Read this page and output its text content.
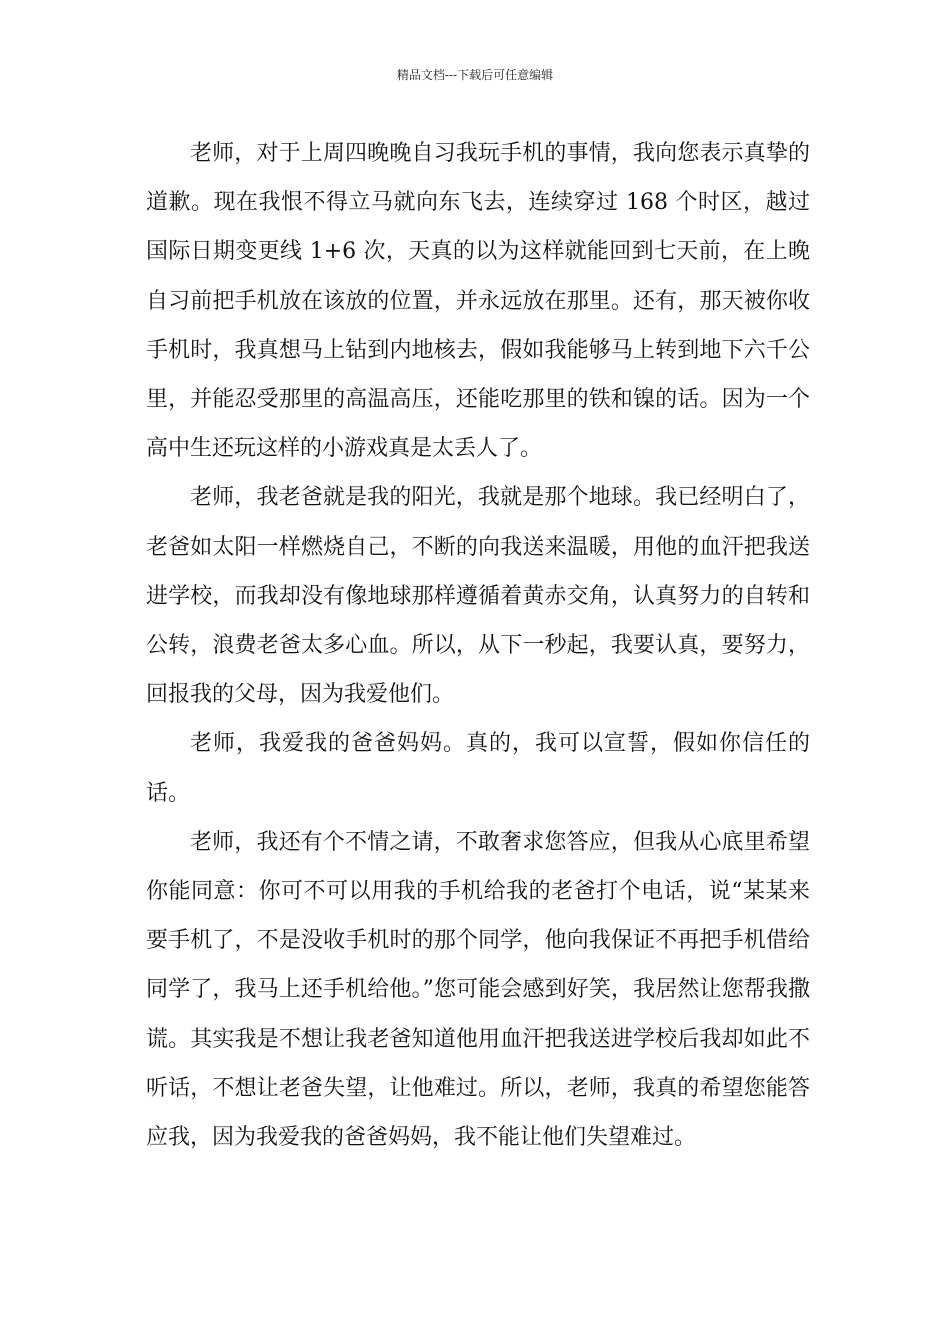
精品文档---下载后可任意编辑

老师，对于上周四晚晚自习我玩手机的事情，我向您表示真挚的道歉。现在我恨不得立马就向东飞去，连续穿过 168 个时区，越过国际日期变更线 1+6 次，天真的以为这样就能回到七天前，在上晚自习前把手机放在该放的位置，并永远放在那里。还有，那天被你收手机时，我真想马上钻到内地核去，假如我能够马上转到地下六千公里，并能忍受那里的高温高压，还能吃那里的铁和镍的话。因为一个高中生还玩这样的小游戏真是太丢人了。

老师，我老爸就是我的阳光，我就是那个地球。我已经明白了，老爸如太阳一样燃烧自己，不断的向我送来温暖，用他的血汗把我送进学校，而我却没有像地球那样遵循着黄赤交角，认真努力的自转和公转，浪费老爸太多心血。所以，从下一秒起，我要认真，要努力，回报我的父母，因为我爱他们。

老师，我爱我的爸爸妈妈。真的，我可以宣誓，假如你信任的话。

老师，我还有个不情之请，不敢奢求您答应，但我从心底里希望你能同意：你可不可以用我的手机给我的老爸打个电话，说“某某来要手机了，不是没收手机时的那个同学，他向我保证不再把手机借给同学了，我马上还手机给他。”您可能会感到好笑，我居然让您帮我撒谎。其实我是不想让我老爸知道他用血汗把我送进学校后我却如此不听话，不想让老爸失望，让他难过。所以，老师，我真的希望您能答应我，因为我爱我的爸爸妈妈，我不能让他们失望难过。
